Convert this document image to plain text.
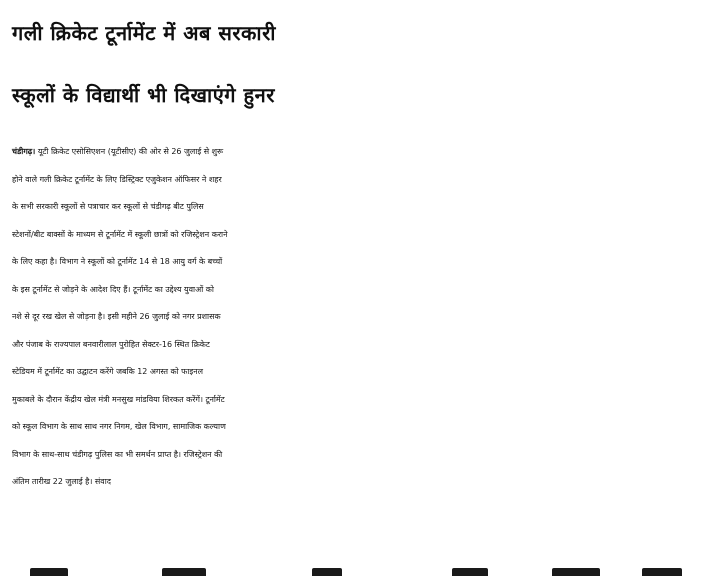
गली क्रिकेट टूर्नामेंट में अब सरकारी
स्कूलों के विद्यार्थी भी दिखाएंगे हुनर
चंडीगढ़। यूटी क्रिकेट एसोसिएशन (यूटीसीए) की ओर से 26 जुलाई से शुरू
होने वाले गली क्रिकेट टूर्नामेंट के लिए डिस्ट्रिक्ट एजुकेशन ऑफिसर ने शहर
के सभी सरकारी स्कूलों से पत्राचार कर स्कूलों से चंडीगढ़ बीट पुलिस
स्टेशनों/बीट बाक्सों के माध्यम से टूर्नामेंट में स्कूली छात्रों को रजिस्ट्रेशन कराने
के लिए कहा है। विभाग ने स्कूलों को टूर्नामेंट 14 से 18 आयु वर्ग के बच्चों
के इस टूर्नामेंट से जोड़ने के आदेश दिए हैं। टूर्नामेंट का उद्देश्य युवाओं को
नशे से दूर रख खेल से जोड़ना है। इसी महीने 26 जुलाई को नगर प्रशासक
और पंजाब के राज्यपाल बनवारीलाल पुरोहित सेक्टर-16 स्थित क्रिकेट
स्टेडियम में टूर्नामेंट का उद्घाटन करेंगे जबकि 12 अगस्त को फाइनल
मुकाबले के दौरान केंद्रीय खेल मंत्री मनसुख मांडविया शिरकत करेंगें। टूर्नामेंट
को स्कूल विभाग के साथ साथ नगर निगम, खेल विभाग, सामाजिक कल्याण
विभाग के साथ-साथ चंडीगढ़ पुलिस का भी समर्थन प्राप्त है। रजिस्ट्रेशन की
अंतिम तारीख 22 जुलाई है। संवाद
